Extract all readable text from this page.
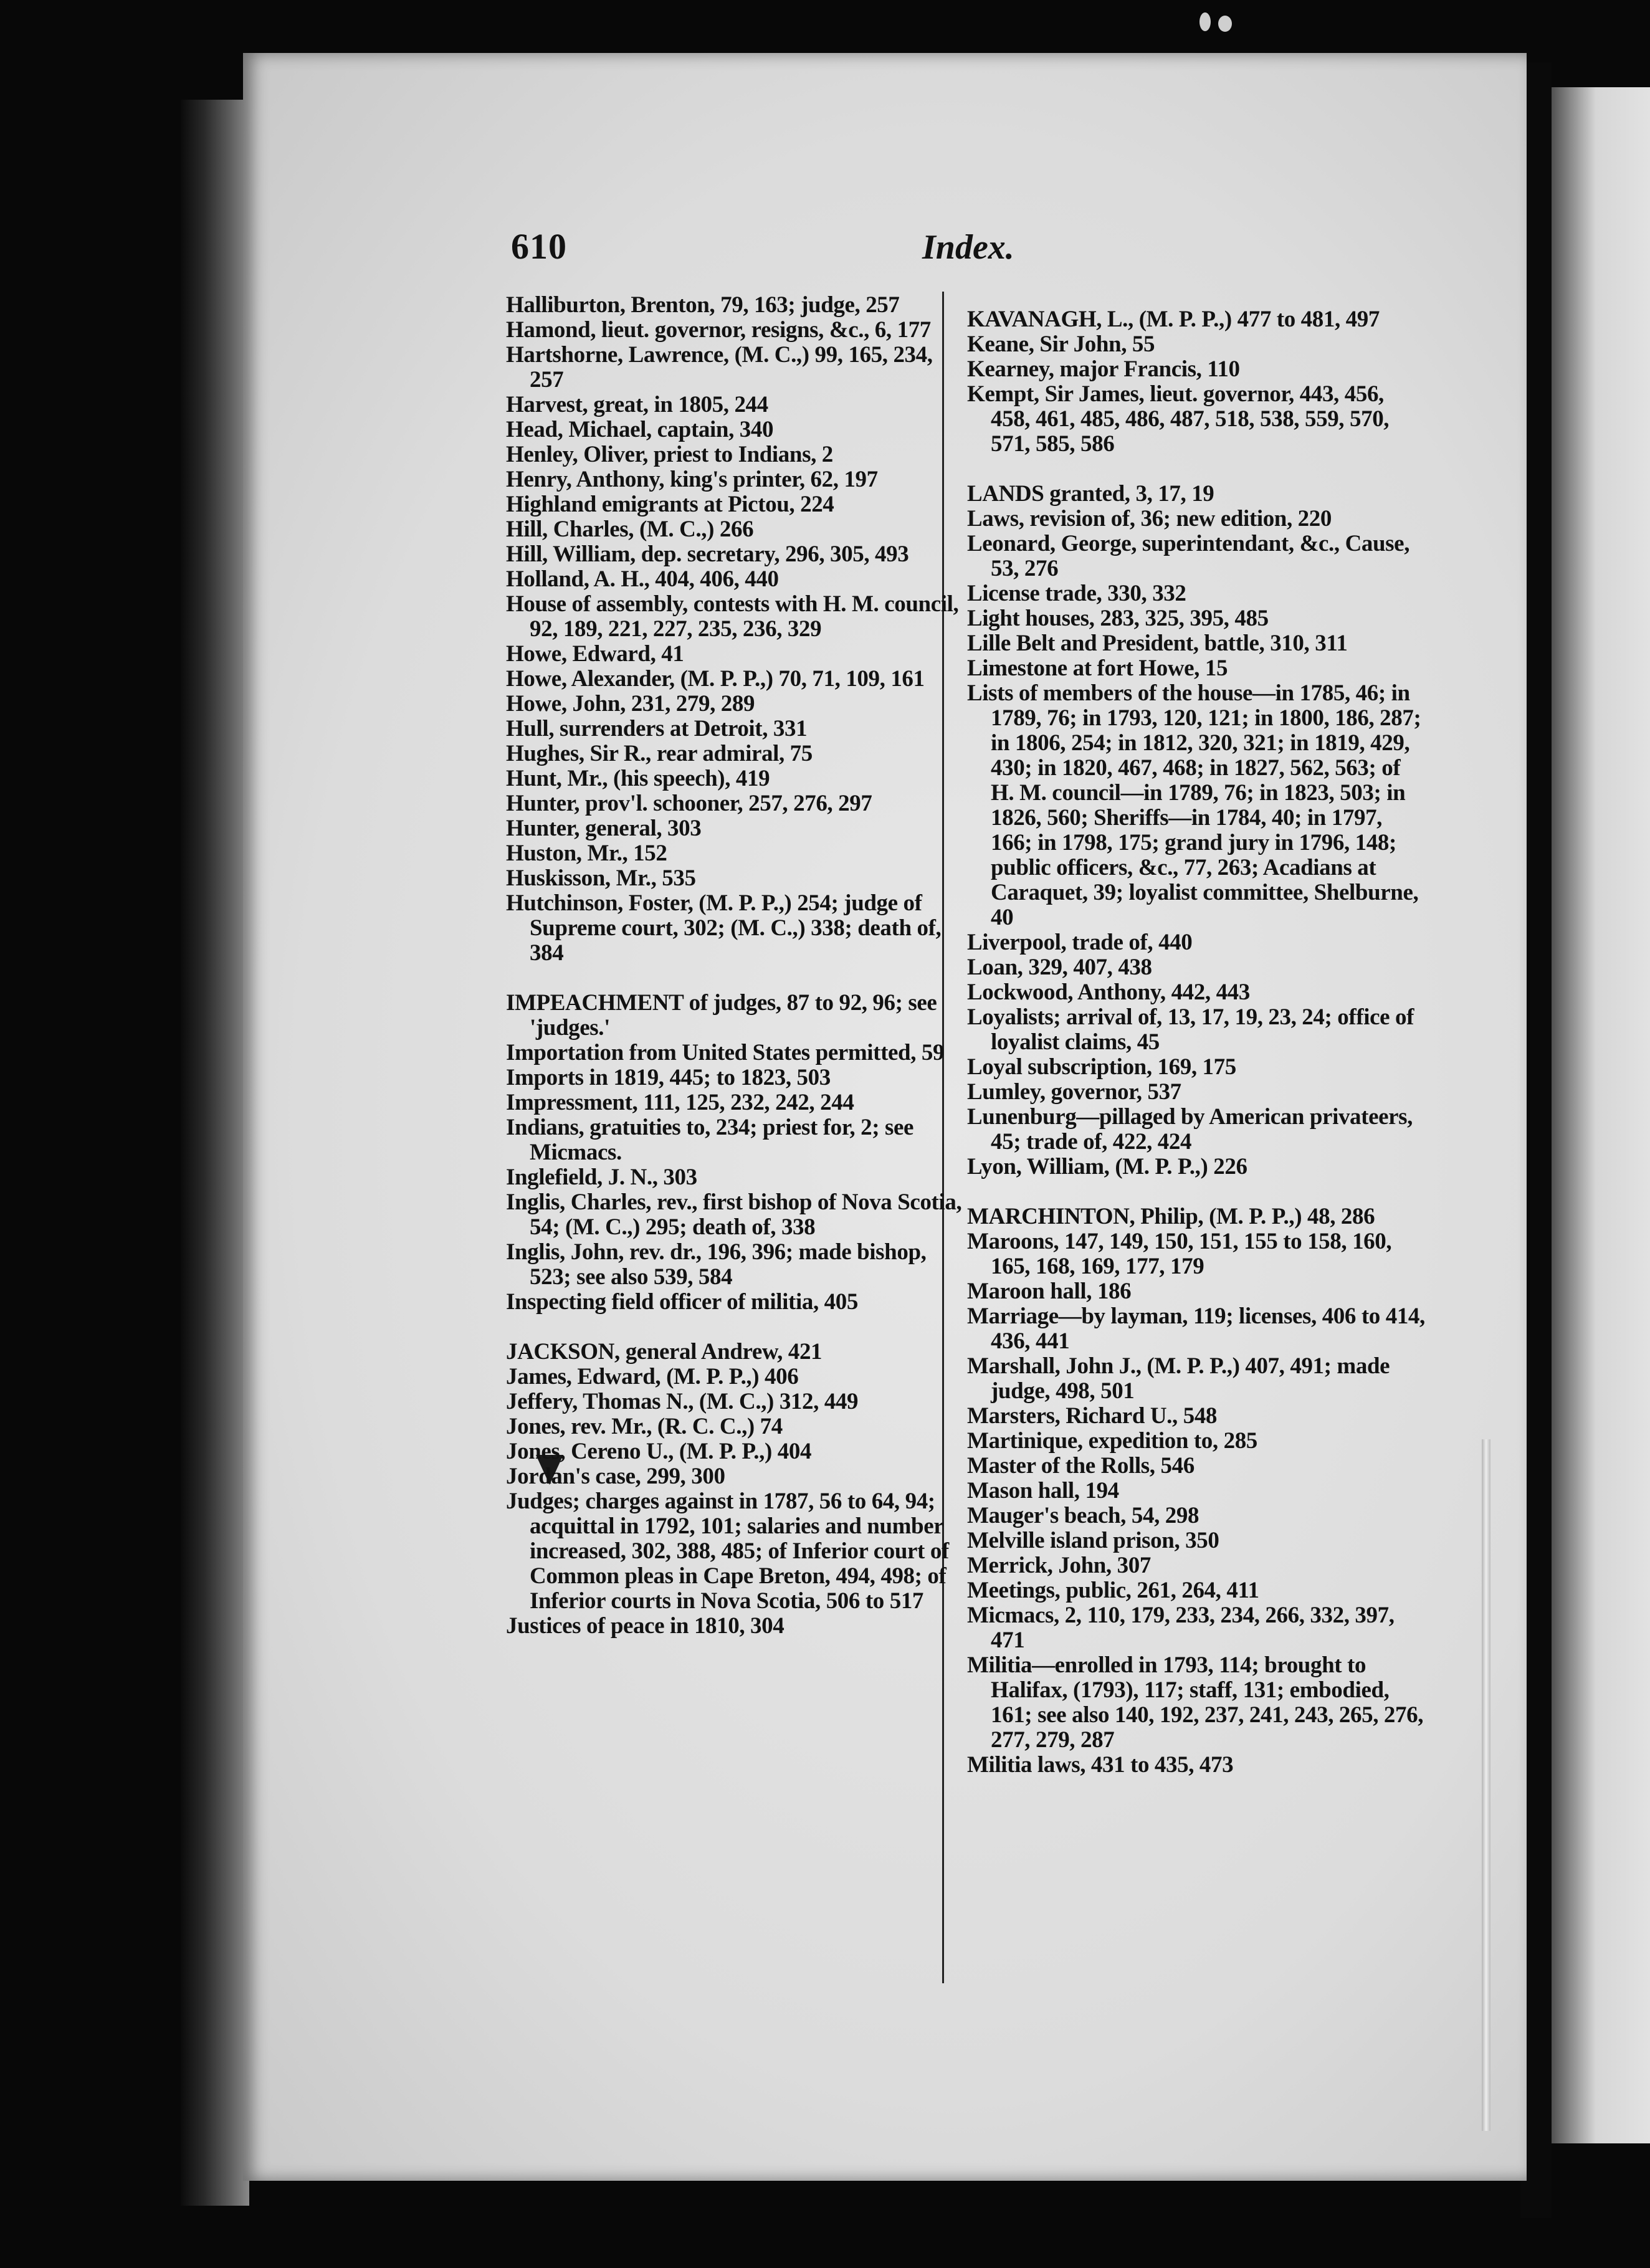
610	Index.

Halliburton, Brenton, 79, 163; judge, 257

Hamond, lieut. governor, resigns, &c., 6, 177

Hartshorne, Lawrence, (M. C.,) 99, 165, 234, 257

Harvest, great, in 1805, 244

Head, Michael, captain, 340

Henley, Oliver, priest to Indians, 2

Henry, Anthony, king's printer, 62, 197

Highland emigrants at Pictou, 224

Hill, Charles, (M. C.,) 266

Hill, William, dep. secretary, 296, 305, 493

Holland, A. H., 404, 406, 440

House of assembly, contests with H. M. council, 92, 189, 221, 227, 235, 236, 329

Howe, Edward, 41

Howe, Alexander, (M. P. P.,) 70, 71, 109, 161

Howe, John, 231, 279, 289

Hull, surrenders at Detroit, 331

Hughes, Sir R., rear admiral, 75

Hunt, Mr., (his speech), 419

Hunter, prov'l. schooner, 257, 276, 297

Hunter, general, 303

Huston, Mr., 152

Huskisson, Mr., 535

Hutchinson, Foster, (M. P. P.,) 254; judge of Supreme court, 302; (M. C.,) 338; death of, 384

IMPEACHMENT of judges, 87 to 92, 96; see 'judges.'

Importation from United States permitted, 59

Imports in 1819, 445; to 1823, 503

Impressment, 111, 125, 232, 242, 244

Indians, gratuities to, 234; priest for, 2; see Micmacs.

Inglefield, J. N., 303

Inglis, Charles, rev., first bishop of Nova Scotia, 54; (M. C.,) 295; death of, 338

Inglis, John, rev. dr., 196, 396; made bishop, 523; see also 539, 584

Inspecting field officer of militia, 405

JACKSON, general Andrew, 421

James, Edward, (M. P. P.,) 406

Jeffery, Thomas N., (M. C.,) 312, 449

Jones, rev. Mr., (R. C. C.,) 74

Jones, Cereno U., (M. P. P.,) 404

Jordan's case, 299, 300

Judges; charges against in 1787, 56 to 64, 94; acquittal in 1792, 101; salaries and number increased, 302, 388, 485; of Inferior court of Common pleas in Cape Breton, 494, 498; of Inferior courts in Nova Scotia, 506 to 517

Justices of peace in 1810, 304

KAVANAGH, L., (M. P. P.,) 477 to 481, 497

Keane, Sir John, 55

Kearney, major Francis, 110

Kempt, Sir James, lieut. governor, 443, 456, 458, 461, 485, 486, 487, 518, 538, 559, 570, 571, 585, 586

LANDS granted, 3, 17, 19

Laws, revision of, 36; new edition, 220

Leonard, George, superintendant, &c., Cause, 53, 276

License trade, 330, 332

Light houses, 283, 325, 395, 485

Lille Belt and President, battle, 310, 311

Limestone at fort Howe, 15

Lists of members of the house—in 1785, 46; in 1789, 76; in 1793, 120, 121; in 1800, 186, 287; in 1806, 254; in 1812, 320, 321; in 1819, 429, 430; in 1820, 467, 468; in 1827, 562, 563; of H. M. council—in 1789, 76; in 1823, 503; in 1826, 560; Sheriffs—in 1784, 40; in 1797, 166; in 1798, 175; grand jury in 1796, 148; public officers, &c., 77, 263; Acadians at Caraquet, 39; loyalist committee, Shelburne, 40

Liverpool, trade of, 440

Loan, 329, 407, 438

Lockwood, Anthony, 442, 443

Loyalists; arrival of, 13, 17, 19, 23, 24; office of loyalist claims, 45

Loyal subscription, 169, 175

Lumley, governor, 537

Lunenburg—pillaged by American privateers, 45; trade of, 422, 424

Lyon, William, (M. P. P.,) 226

MARCHINTON, Philip, (M. P. P.,) 48, 286

Maroons, 147, 149, 150, 151, 155 to 158, 160, 165, 168, 169, 177, 179

Maroon hall, 186

Marriage—by layman, 119; licenses, 406 to 414, 436, 441

Marshall, John J., (M. P. P.,) 407, 491; made judge, 498, 501

Marsters, Richard U., 548

Martinique, expedition to, 285

Master of the Rolls, 546

Mason hall, 194

Mauger's beach, 54, 298

Melville island prison, 350

Merrick, John, 307

Meetings, public, 261, 264, 411

Micmacs, 2, 110, 179, 233, 234, 266, 332, 397, 471

Militia—enrolled in 1793, 114; brought to Halifax, (1793), 117; staff, 131; embodied, 161; see also 140, 192, 237, 241, 243, 265, 276, 277, 279, 287

Militia laws, 431 to 435, 473
